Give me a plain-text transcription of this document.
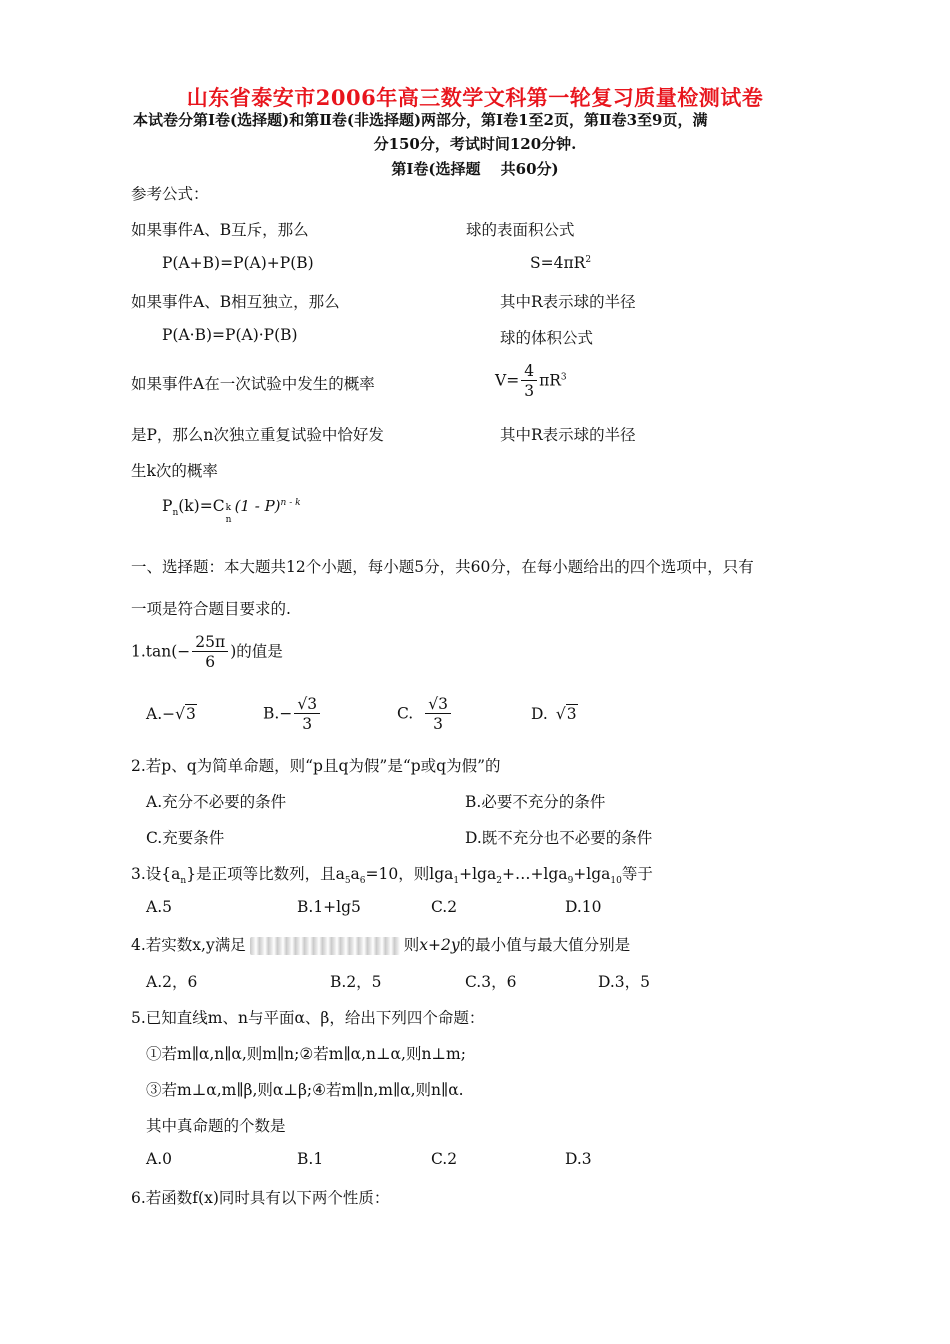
山东省泰安市2006年高三数学文科第一轮复习质量检测试卷
本试卷分第Ⅰ卷(选择题)和第Ⅱ卷(非选择题)两部分，第Ⅰ卷1至2页，第Ⅱ卷3至9页，满
分150分，考试时间120分钟.
第Ⅰ卷(选择题　 共60分)
参考公式：
如果事件A、B互斥，那么
P(A+B)=P(A)+P(B)
如果事件A、B相互独立，那么
P(A·B)=P(A)·P(B)
如果事件A在一次试验中发生的概率
是P，那么n次独立重复试验中恰好发
生k次的概率
$P_n(k)=C$ k
n
(1 - P)$^{n - k}$
球的表面积公式
$S=4\pi R^2$
其中R表示球的半径
球的体积公式
$V= \frac{4}{3} \pi R^3$
其中R表示球的半径
一、选择题：本大题共12个小题，每小题5分，共60分，在每小题给出的四个选项中，只有
一项是符合题目要求的.
$1.\tan(- \frac{25\pi}{6}$ )的值是
A.−√3	$B.- \frac{√3}{3}$	C. $\frac{√3}{3}$	D. √3
2.若p、q为简单命题，则“p且q为假”是“p或q为假”的
A.充分不必要的条件	B.必要不充分的条件
C.充要条件	D.既不充分也不必要的条件
3.设$\{a_n\}$是正项等比数列，且$a_5a_6=10$，则lga$_1$+lga$_2$+…+lga$_9$+lga$_{10}$等于
A.5	B.1+lg5	C.2	D.10
4.若实数x,y满足	则x+2y的最小值与最大值分别是
A.2，6	B.2，5	C.3，6	D.3，5
5.已知直线m、n与平面α、β，给出下列四个命题：
①若m∥α,n∥α,则m∥n;②若m∥α,n⊥α,则n⊥m;
③若m⊥α,m∥β,则α⊥β;④若m∥n,m∥α,则n∥α.
其中真命题的个数是
A.0	B.1	C.2	D.3
6.若函数f(x)同时具有以下两个性质：
